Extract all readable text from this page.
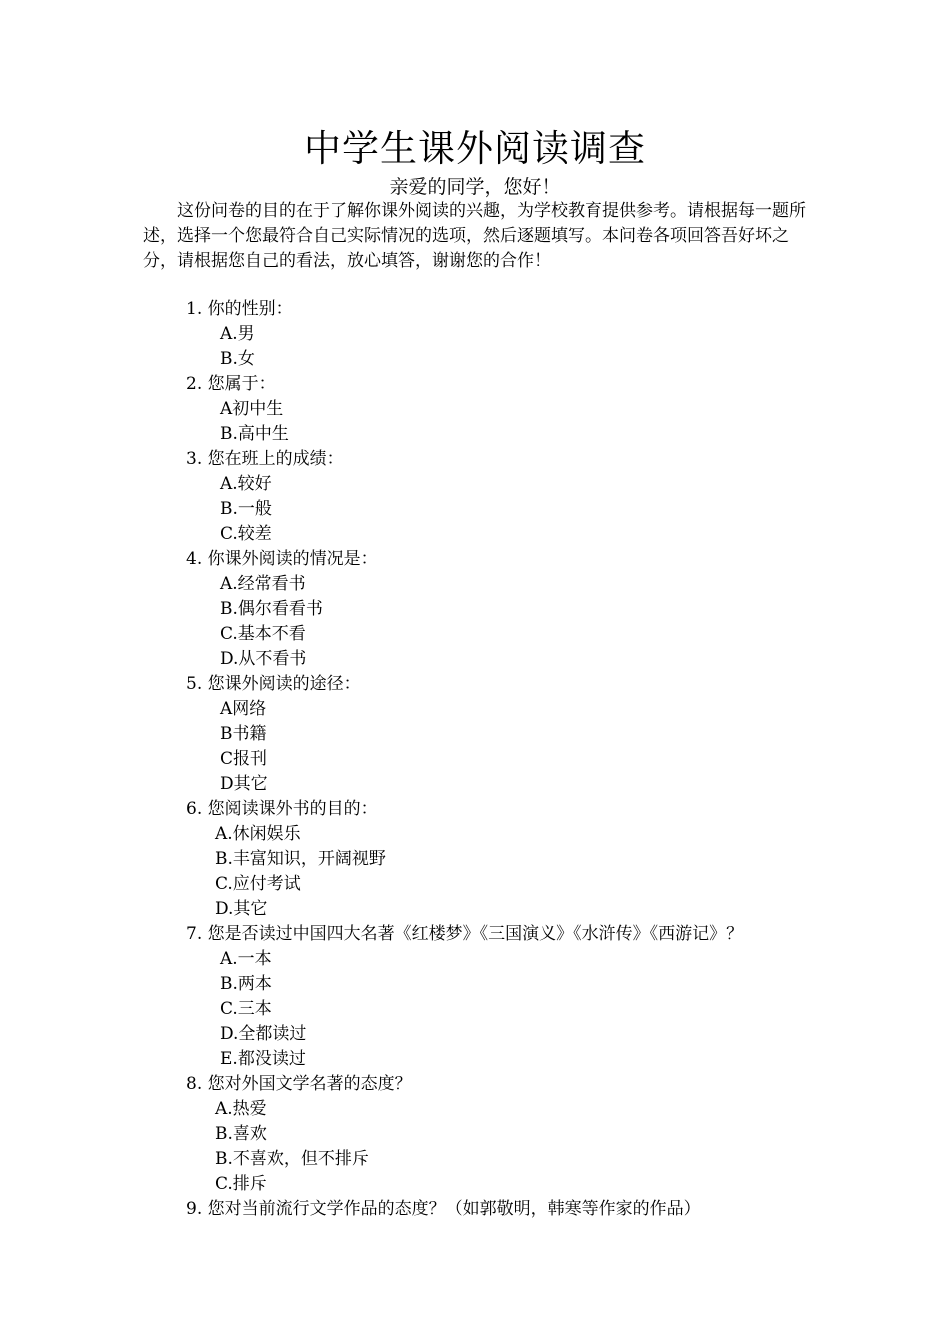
中学生课外阅读调查
亲爱的同学，您好！

这份问卷的目的在于了解你课外阅读的兴趣，为学校教育提供参考。请根据每一题所述，选择一个您最符合自己实际情况的选项，然后逐题填写。本问卷各项回答吾好坏之分，请根据您自己的看法，放心填答，谢谢您的合作！

1. 你的性别：
A.男
B.女
2. 您属于：
A初中生
B.高中生
3. 您在班上的成绩：
A.较好
B.一般
C.较差
4. 你课外阅读的情况是：
A.经常看书
B.偶尔看看书
C.基本不看
D.从不看书
5. 您课外阅读的途径：
A网络
B书籍
C报刊
D其它
6. 您阅读课外书的目的：
A.休闲娱乐
B.丰富知识，开阔视野
C.应付考试
D.其它
7. 您是否读过中国四大名著《红楼梦》《三国演义》《水浒传》《西游记》？
A.一本
B.两本
C.三本
D.全都读过
E.都没读过
8. 您对外国文学名著的态度？
A.热爱
B.喜欢
B.不喜欢，但不排斥
C.排斥
9. 您对当前流行文学作品的态度？（如郭敬明，韩寒等作家的作品）
